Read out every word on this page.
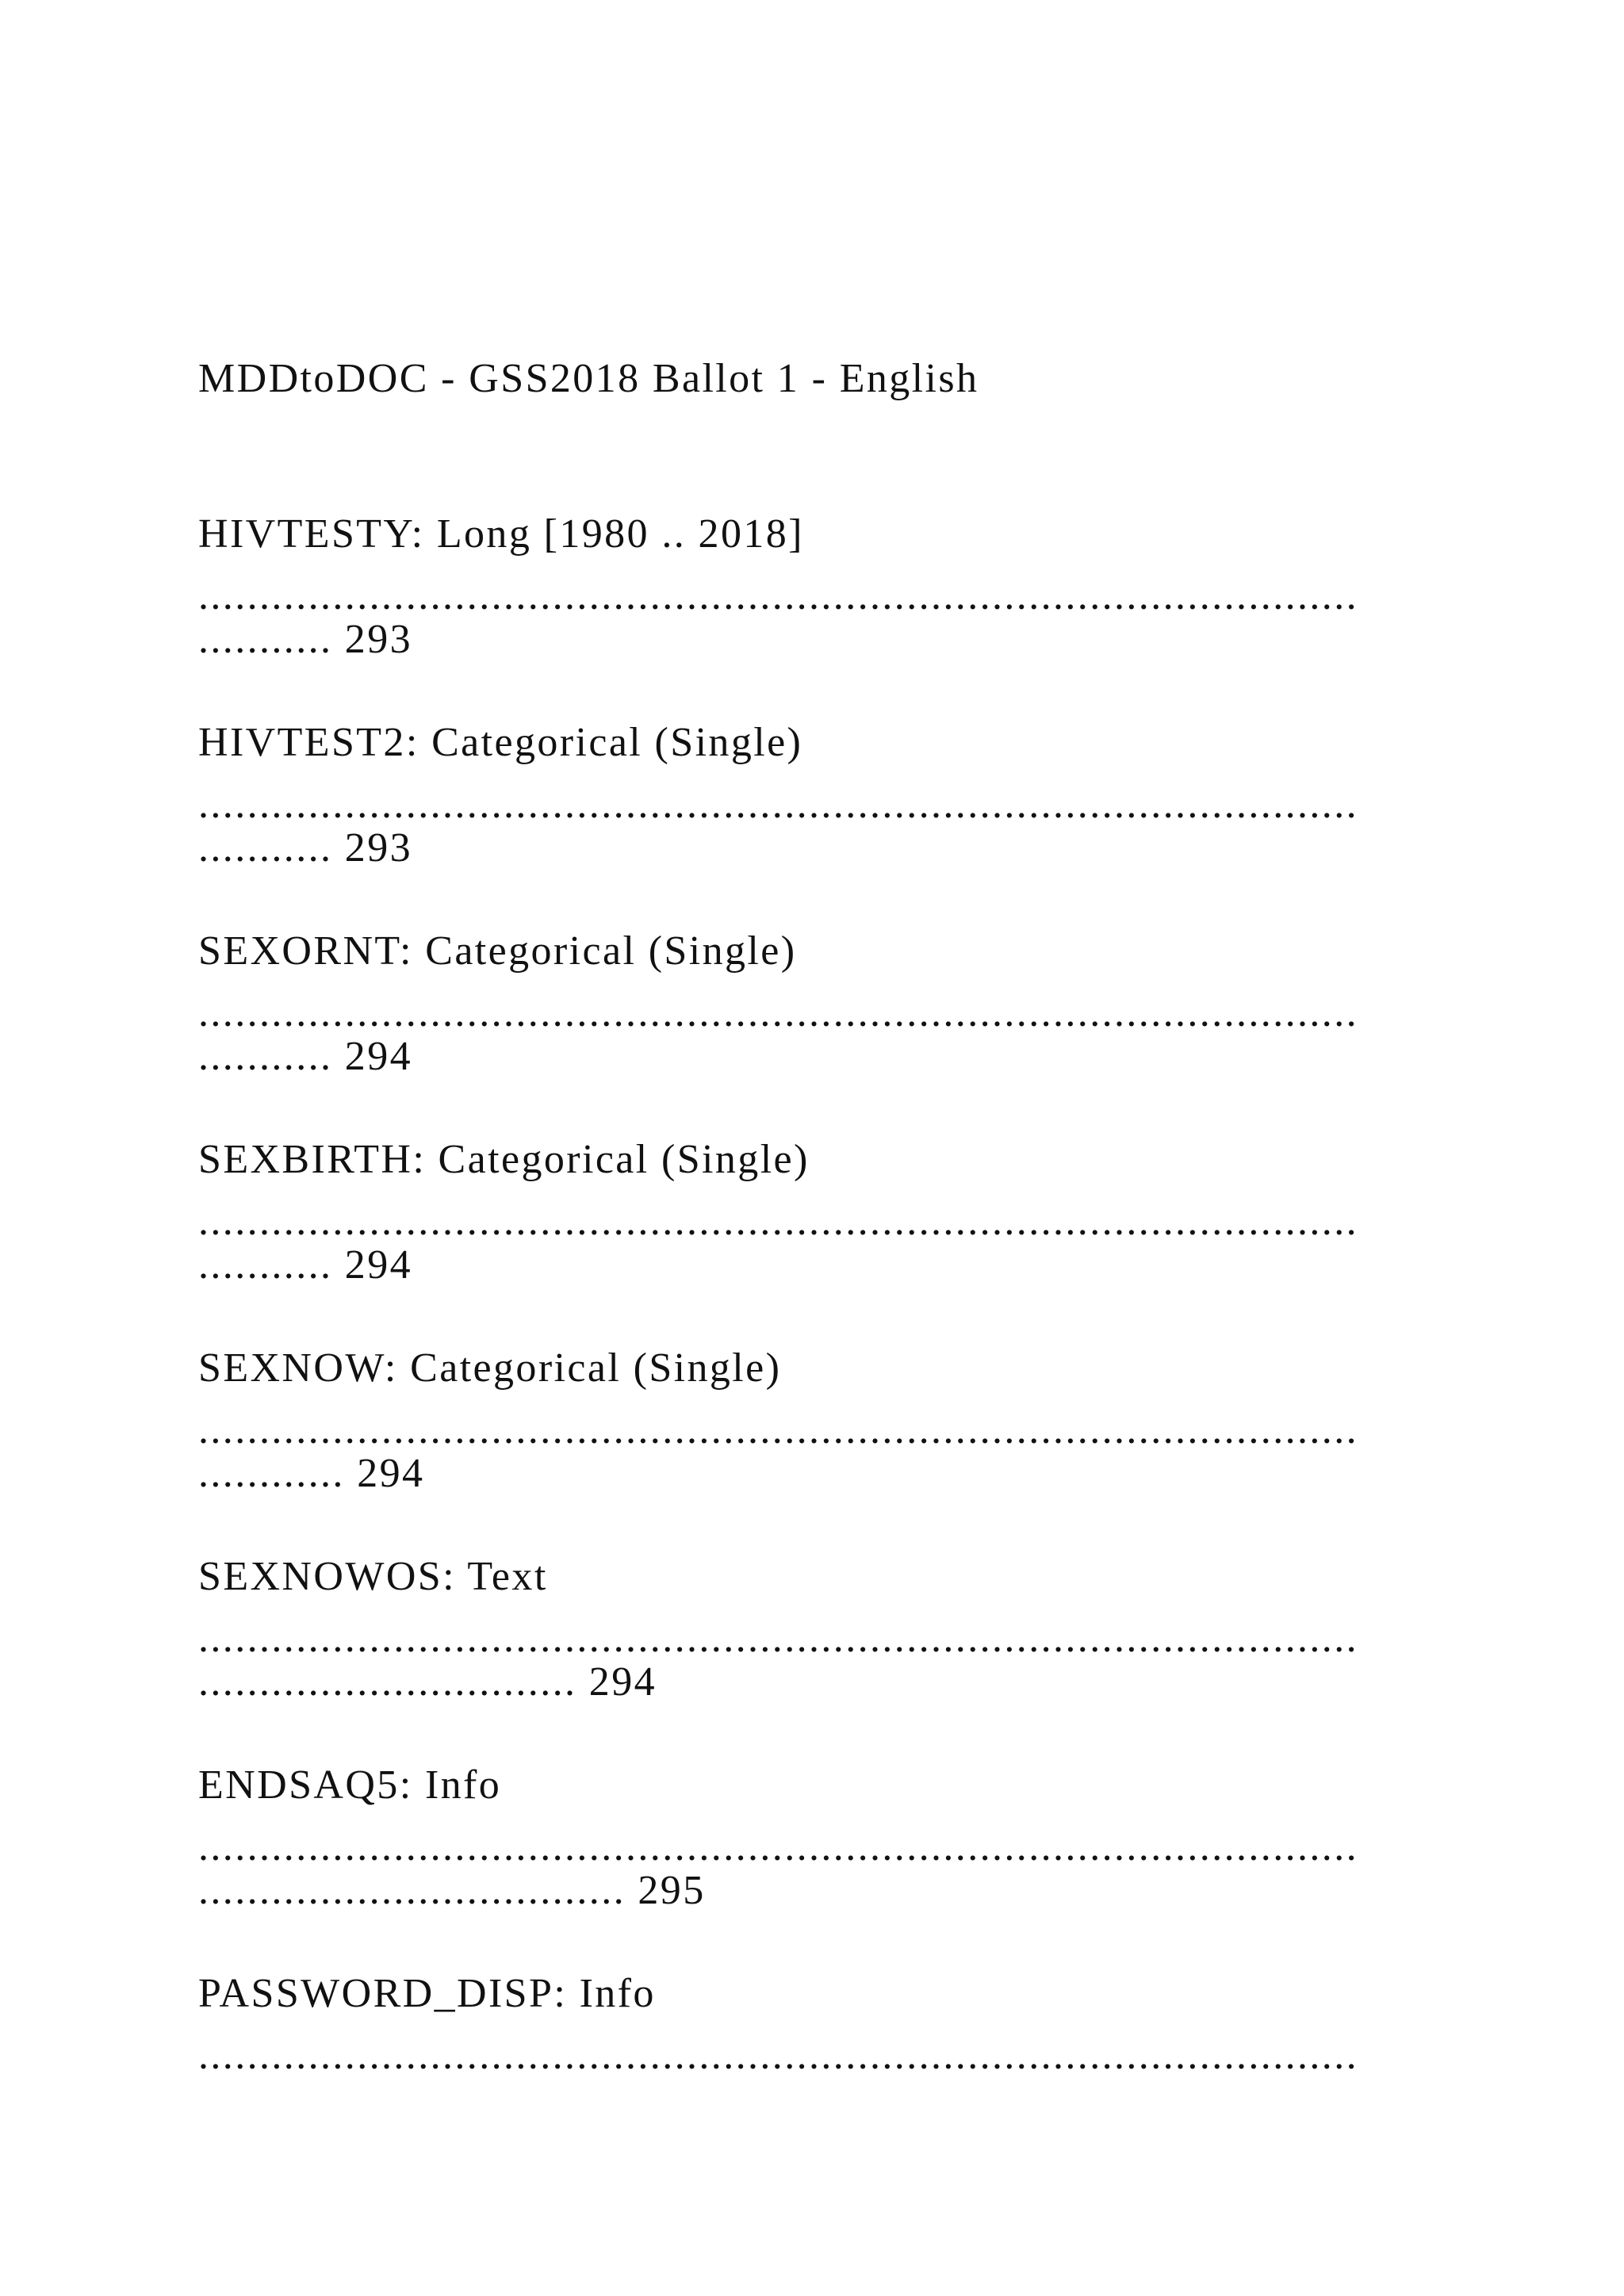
MDDtoDOC - GSS2018 Ballot 1 - English

HIVTESTY: Long [1980 .. 2018]

...............................................................................................

........... 293

HIVTEST2: Categorical (Single)

...............................................................................................

........... 293

SEXORNT: Categorical (Single)

...............................................................................................

........... 294

SEXBIRTH: Categorical (Single)

...............................................................................................

........... 294

SEXNOW: Categorical (Single)

...............................................................................................

............ 294

SEXNOWOS: Text

...............................................................................................

............................... 294

ENDSAQ5: Info

...............................................................................................

................................... 295

PASSWORD_DISP: Info

...............................................................................................
